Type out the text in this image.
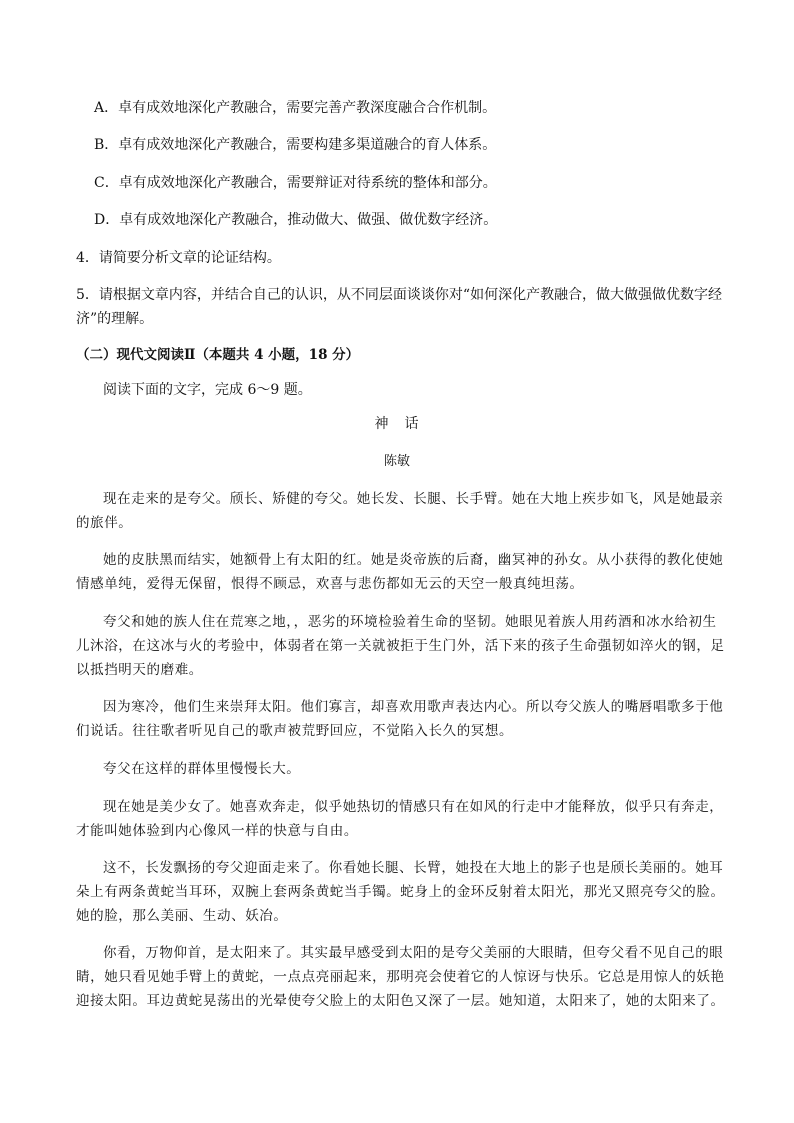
A．卓有成效地深化产教融合，需要完善产教深度融合合作机制。

B．卓有成效地深化产教融合，需要构建多渠道融合的育人体系。

C．卓有成效地深化产教融合，需要辩证对待系统的整体和部分。

D．卓有成效地深化产教融合，推动做大、做强、做优数字经济。

4．请简要分析文章的论证结构。

5．请根据文章内容，并结合自己的认识，从不同层面谈谈你对“如何深化产教融合，做大做强做优数字经

济”的理解。

（二）现代文阅读Ⅱ（本题共 4 小题，18 分）

阅读下面的文字，完成 6～9 题。

神　话

陈敏

现在走来的是夸父。颀长、矫健的夸父。她长发、长腿、长手臂。她在大地上疾步如飞，风是她最亲

的旅伴。

她的皮肤黑而结实，她额骨上有太阳的红。她是炎帝族的后裔，幽冥神的孙女。从小获得的教化使她

情感单纯，爱得无保留，恨得不顾忌，欢喜与悲伤都如无云的天空一般真纯坦荡。

夸父和她的族人住在荒寒之地，，恶劣的环境检验着生命的坚韧。她眼见着族人用药酒和冰水给初生

儿沐浴，在这冰与火的考验中，体弱者在第一关就被拒于生门外，活下来的孩子生命强韧如淬火的钢，足

以抵挡明天的磨难。

因为寒冷，他们生来崇拜太阳。他们寡言，却喜欢用歌声表达内心。所以夸父族人的嘴唇唱歌多于他

们说话。往往歌者听见自己的歌声被荒野回应，不觉陷入长久的冥想。

夸父在这样的群体里慢慢长大。

现在她是美少女了。她喜欢奔走，似乎她热切的情感只有在如风的行走中才能释放，似乎只有奔走，

才能叫她体验到内心像风一样的快意与自由。

这不，长发飘扬的夸父迎面走来了。你看她长腿、长臂，她投在大地上的影子也是颀长美丽的。她耳

朵上有两条黄蛇当耳环，双腕上套两条黄蛇当手镯。蛇身上的金环反射着太阳光，那光又照亮夸父的脸。

她的脸，那么美丽、生动、妖冶。

你看，万物仰首，是太阳来了。其实最早感受到太阳的是夸父美丽的大眼睛，但夸父看不见自己的眼

睛，她只看见她手臂上的黄蛇，一点点亮丽起来，那明亮会使着它的人惊讶与快乐。它总是用惊人的妖艳

迎接太阳。耳边黄蛇晃荡出的光晕使夸父脸上的太阳色又深了一层。她知道，太阳来了，她的太阳来了。
